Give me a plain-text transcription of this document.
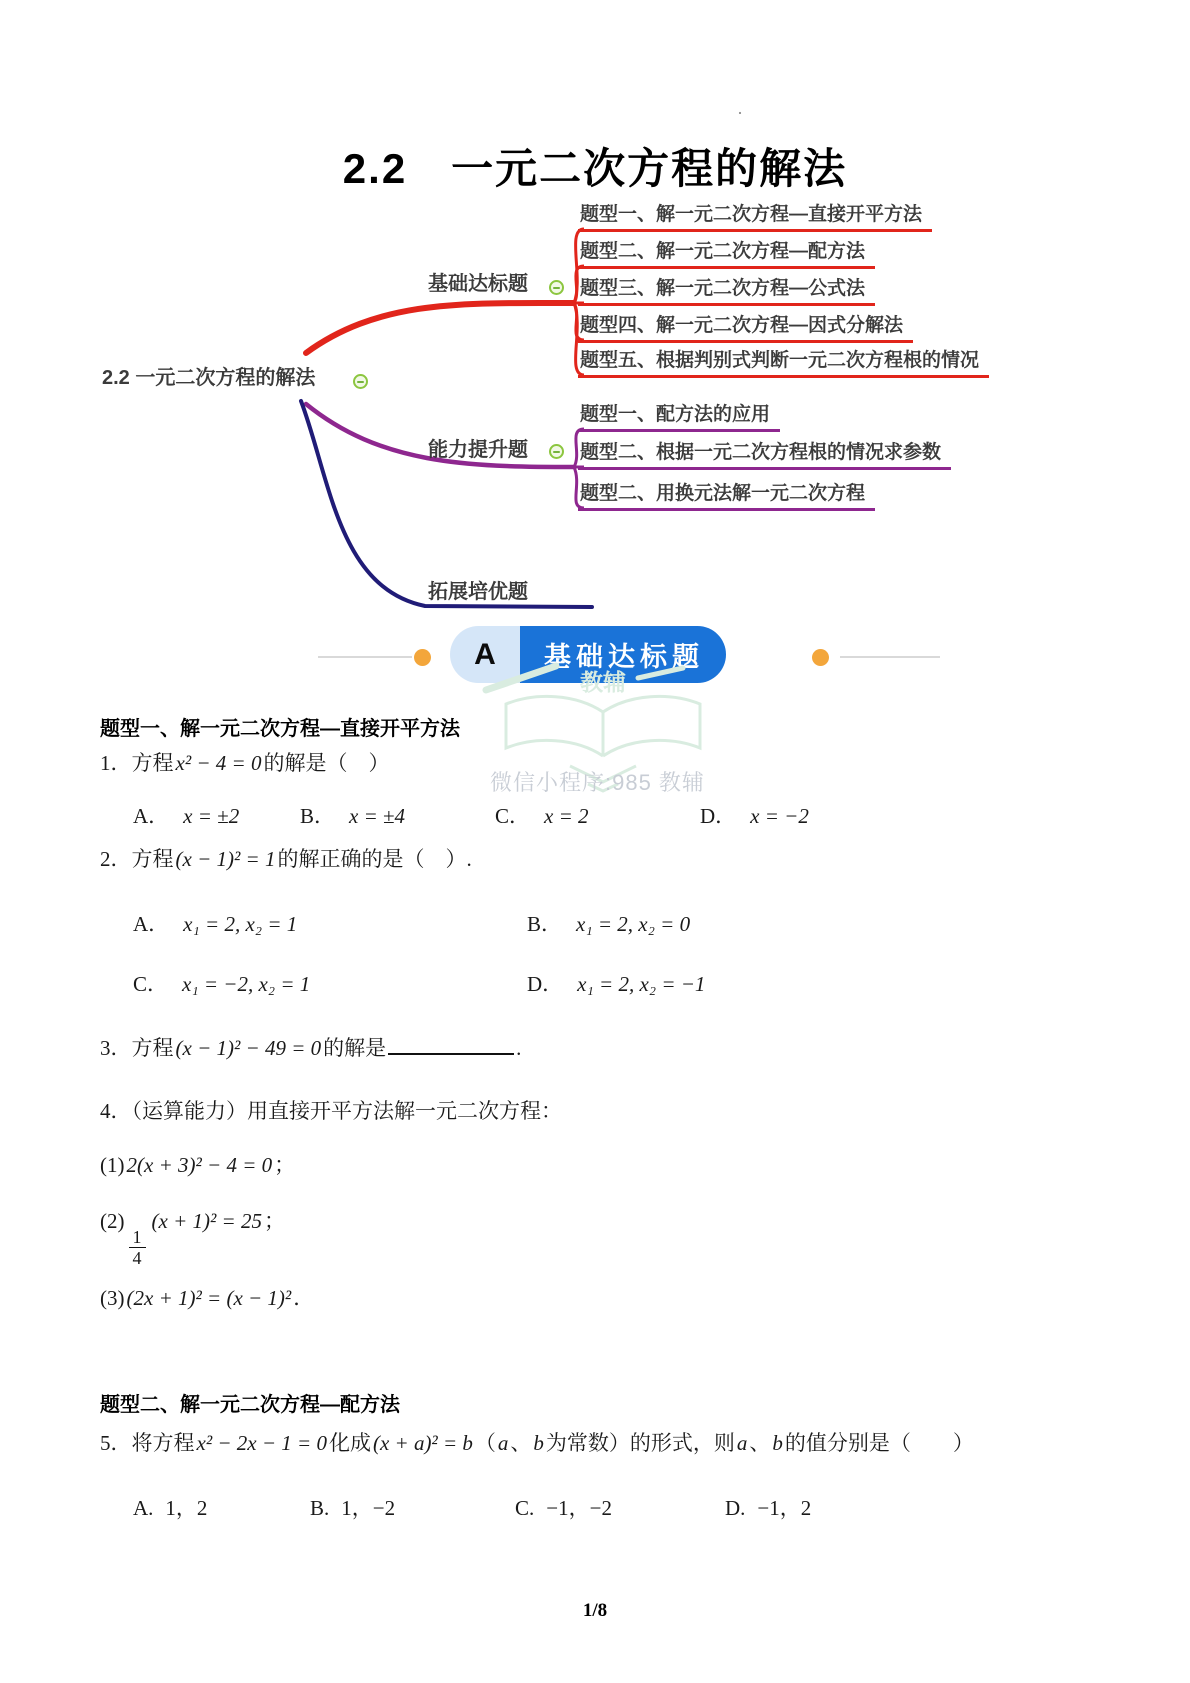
2.2　一元二次方程的解法
·
2.2 一元二次方程的解法
基础达标题
题型一、解一元二次方程—直接开平方法
题型二、解一元二次方程—配方法
题型三、解一元二次方程—公式法
题型四、解一元二次方程—因式分解法
题型五、根据判别式判断一元二次方程根的情况
能力提升题
题型一、配方法的应用
题型二、根据一元二次方程根的情况求参数
题型二、用换元法解一元二次方程
拓展培优题
A	基础达标题
教辅
微信小程序:985 教辅
题型一、解一元二次方程—直接开平方法
1．方程x² − 4 = 0的解是（　）
A． x = ±2	B． x = ±4	C． x = 2	D． x = −2
2．方程(x − 1)² = 1的解正确的是（　）.
A． x₁ = 2, x₂ = 1	B． x₁ = 2, x₂ = 0
C． x₁ = −2, x₂ = 1	D． x₁ = 2, x₂ = −1
3．方程(x − 1)² − 49 = 0的解是	.
4．（运算能力）用直接开平方法解一元二次方程：
(1)2(x + 3)² − 4 = 0；
(2)
$\frac{1}{4}$
(x + 1)² = 25；
(3)(2x + 1)² = (x − 1)²．
题型二、解一元二次方程—配方法
5．将方程x² − 2x − 1 = 0化成(x + a)² = b（a、b为常数）的形式，则a、b的值分别是（　　）
A. 1，2	B. 1，−2	C. −1，−2	D. −1，2
1/8
